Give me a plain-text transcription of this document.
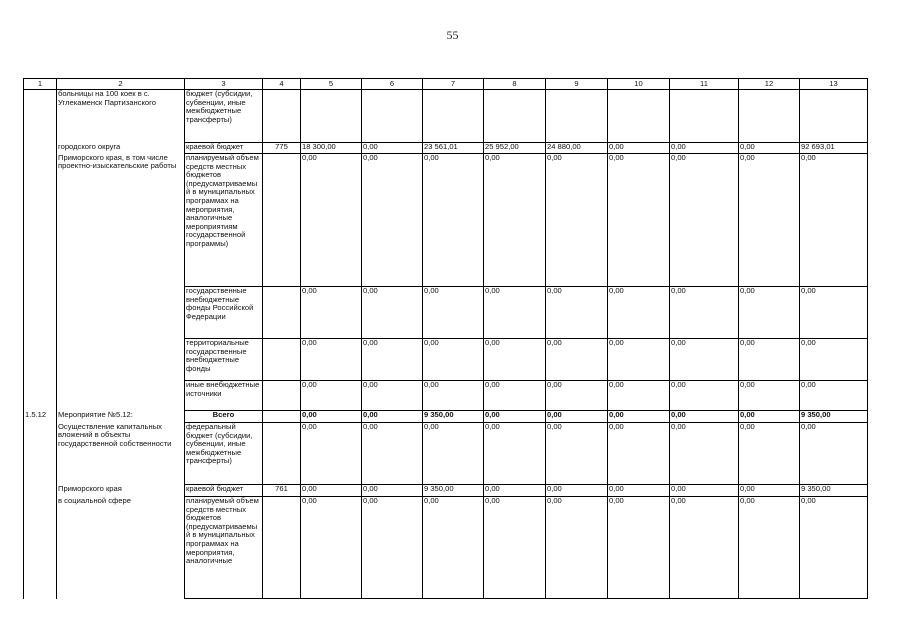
55
1	2	3	4	5	6	7	8	9	10	11	12	13
	больницы на 100 коек в с. Углекаменск Партизанского	бюджет (субсидии, субвенции, иные межбюджетные трансферты)										
	городского округа	краевой бюджет	775	18 300,00	0,00	23 561,01	25 952,00	24 880,00	0,00	0,00	0,00	92 693,01
	Приморского края, в том числе проектно-изыскательские работы	планируемый объем средств местных бюджетов (предусматриваемый в муниципальных программах на мероприятия, аналогичные мероприятиям государственной программы)		0,00	0,00	0,00	0,00	0,00	0,00	0,00	0,00	0,00
		государственные внебюджетные фонды Российской Федерации		0,00	0,00	0,00	0,00	0,00	0,00	0,00	0,00	0,00
		территориальные государственные внебюджетные фонды		0,00	0,00	0,00	0,00	0,00	0,00	0,00	0,00	0,00
		иные внебюджетные источники		0,00	0,00	0,00	0,00	0,00	0,00	0,00	0,00	0,00
1.5.12	Мероприятие №5.12:	Всего		0,00	0,00	9 350,00	0,00	0,00	0,00	0,00	0,00	9 350,00
	Осуществление капитальных вложений в объекты государственной собственности	федеральный бюджет (субсидии, субвенции, иные межбюджетные трансферты)		0,00	0,00	0,00	0,00	0,00	0,00	0,00	0,00	0,00
	Приморского края	краевой бюджет	761	0,00	0,00	9 350,00	0,00	0,00	0,00	0,00	0,00	9 350,00
	в социальной сфере	планируемый объем средств местных бюджетов (предусматриваемый в муниципальных программах на мероприятия, аналогичные		0,00	0,00	0,00	0,00	0,00	0,00	0,00	0,00	0,00
